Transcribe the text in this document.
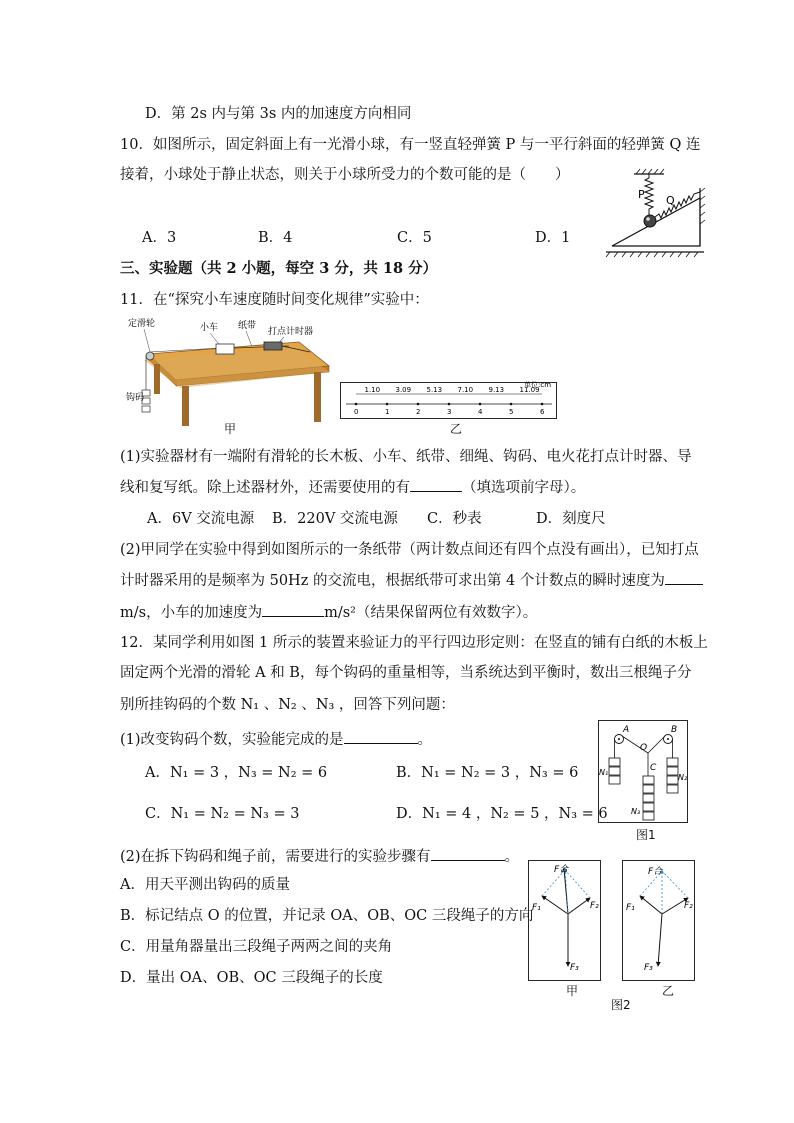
D．第 2s 内与第 3s 内的加速度方向相同
10．如图所示，固定斜面上有一光滑小球，有一竖直轻弹簧 P 与一平行斜面的轻弹簧 Q 连
接着，小球处于静止状态，则关于小球所受力的个数可能的是（　　）
A．3	B．4	C．5	D．1
P Q
三、实验题（共 2 小题，每空 3 分，共 18 分）
11．在“探究小车速度随时间变化规律”实验中：
定滑轮	小车 纸带
打点计时器
钩码
甲
单位:cm
0	1	2	3	4	5	6
1.10 3.09 5.13 7.10 9.13 11.09
乙
(1)实验器材有一端附有滑轮的长木板、小车、纸带、细绳、钩码、电火花打点计时器、导
线和复写纸。除上述器材外，还需要使用的有	（填选项前字母）。
A．6V 交流电源 B．220V 交流电源 C．秒表	D．刻度尺
(2)甲同学在实验中得到如图所示的一条纸带（两计数点间还有四个点没有画出），已知打点
计时器采用的是频率为 50Hz 的交流电，根据纸带可求出第 4 个计数点的瞬时速度为
m/s，小车的加速度为	m/s²（结果保留两位有效数字）。
12．某同学利用如图 1 所示的装置来验证力的平行四边形定则：在竖直的铺有白纸的木板上
固定两个光滑的滑轮 A 和 B，每个钩码的重量相等，当系统达到平衡时，数出三根绳子分
别所挂钩码的个数 N₁ 、N₂ 、N₃ ，回答下列问题：
(1)改变钩码个数，实验能完成的是	。
A．N₁ = 3 ，N₃ = N₂ = 6	B．N₁ = N₂ = 3 ，N₃ = 6
C．N₁ = N₂ = N₃ = 3	D．N₁ = 4 ，N₂ = 5 ，N₃ = 6
A	B
O
C
N₁
N₂
N₃
图1
(2)在拆下钩码和绳子前，需要进行的实验步骤有	。
A．用天平测出钩码的质量
B．标记结点 O 的位置，并记录 OA、OB、OC 三段绳子的方向
C．用量角器量出三段绳子两两之间的夹角
D．量出 OA、OB、OC 三段绳子的长度
F合
F₁	F₂
F₃
F合
F₁	F₂
F₃
甲	乙
图2
